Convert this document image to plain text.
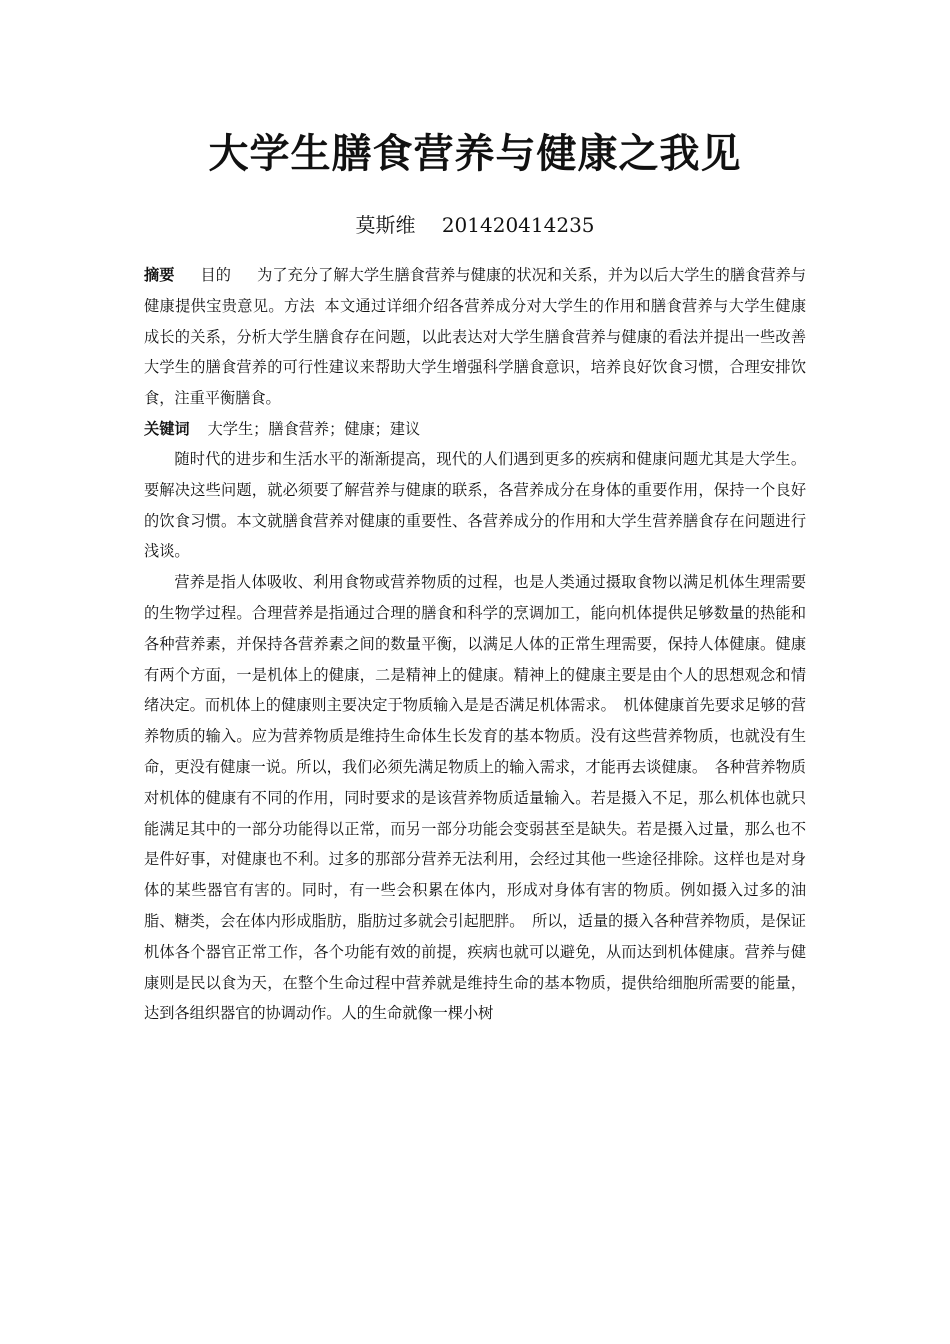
大学生膳食营养与健康之我见
莫斯维　 201420414235

摘要 目的 为了充分了解大学生膳食营养与健康的状况和关系，并为以后大学生的膳食营养与健康提供宝贵意见。方法 本文通过详细介绍各营养成分对大学生的作用和膳食营养与大学生健康成长的关系，分析大学生膳食存在问题，以此表达对大学生膳食营养与健康的看法并提出一些改善大学生的膳食营养的可行性建议来帮助大学生增强科学膳食意识，培养良好饮食习惯，合理安排饮食，注重平衡膳食。

关键词 大学生；膳食营养；健康；建议

随时代的进步和生活水平的渐渐提高，现代的人们遇到更多的疾病和健康问题尤其是大学生。要解决这些问题，就必须要了解营养与健康的联系，各营养成分在身体的重要作用，保持一个良好的饮食习惯。本文就膳食营养对健康的重要性、各营养成分的作用和大学生营养膳食存在问题进行浅谈。

营养是指人体吸收、利用食物或营养物质的过程，也是人类通过摄取食物以满足机体生理需要的生物学过程。合理营养是指通过合理的膳食和科学的烹调加工，能向机体提供足够数量的热能和各种营养素，并保持各营养素之间的数量平衡，以满足人体的正常生理需要，保持人体健康。健康有两个方面，一是机体上的健康，二是精神上的健康。精神上的健康主要是由个人的思想观念和情绪决定。而机体上的健康则主要决定于物质输入是是否满足机体需求。　机体健康首先要求足够的营养物质的输入。应为营养物质是维持生命体生长发育的基本物质。没有这些营养物质，也就没有生命，更没有健康一说。所以，我们必须先满足物质上的输入需求，才能再去谈健康。　各种营养物质对机体的健康有不同的作用，同时要求的是该营养物质适量输入。若是摄入不足，那么机体也就只能满足其中的一部分功能得以正常，而另一部分功能会变弱甚至是缺失。若是摄入过量，那么也不是件好事，对健康也不利。过多的那部分营养无法利用，会经过其他一些途径排除。这样也是对身体的某些器官有害的。同时，有一些会积累在体内，形成对身体有害的物质。例如摄入过多的油脂、糖类，会在体内形成脂肪，脂肪过多就会引起肥胖。　所以，适量的摄入各种营养物质，是保证机体各个器官正常工作，各个功能有效的前提，疾病也就可以避免，从而达到机体健康。营养与健康则是民以食为天，在整个生命过程中营养就是维持生命的基本物质，提供给细胞所需要的能量，达到各组织器官的协调动作。人的生命就像一棵小树
